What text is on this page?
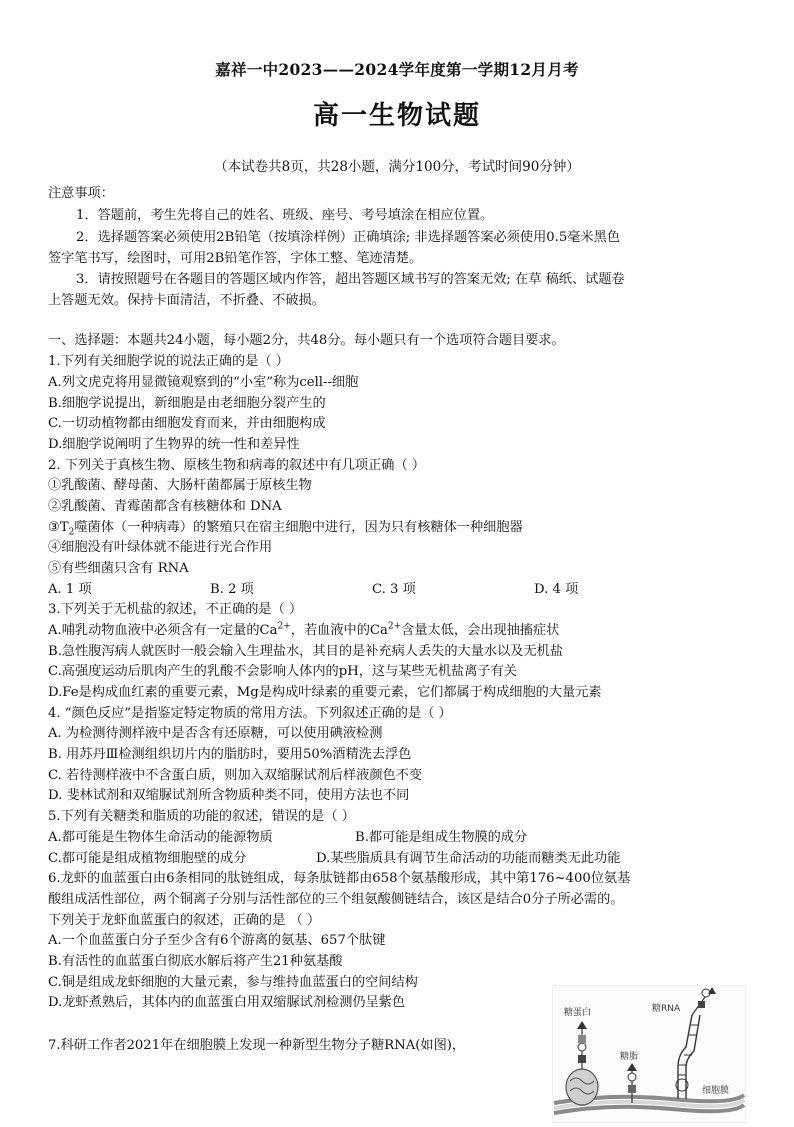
嘉祥一中2023——2024学年度第一学期12月月考
高一生物试题
（本试卷共8页，共28小题，满分100分，考试时间90分钟）
注意事项：
1．答题前，考生先将自己的姓名、班级、座号、考号填涂在相应位置。
2．选择题答案必须使用2B铅笔（按填涂样例）正确填涂; 非选择题答案必须使用0.5毫米黑色
签字笔书写，绘图时，可用2B铅笔作答，字体工整、笔迹清楚。
3．请按照题号在各题目的答题区域内作答，超出答题区域书写的答案无效; 在草 稿纸、试题卷
上答题无效。保持卡面清洁，不折叠、不破损。
一、选择题：本题共24小题，每小题2分，共48分。每小题只有一个选项符合题目要求。
1.下列有关细胞学说的说法正确的是（ ）
A.列文虎克将用显微镜观察到的“小室”称为cell--细胞
B.细胞学说提出，新细胞是由老细胞分裂产生的
C.一切动植物都由细胞发育而来，并由细胞构成
D.细胞学说阐明了生物界的统一性和差异性
2. 下列关于真核生物、原核生物和病毒的叙述中有几项正确（ ）
①乳酸菌、酵母菌、大肠杆菌都属于原核生物
②乳酸菌、青霉菌都含有核糖体和 DNA
$③T_2$噬菌体（一种病毒）的繁殖只在宿主细胞中进行，因为只有核糖体一种细胞器
④细胞没有叶绿体就不能进行光合作用
⑤有些细菌只含有 RNA
A. 1 项	B. 2 项	C. 3 项	D. 4 项
3.下列关于无机盐的叙述，不正确的是（ ）
A.哺乳动物血液中必须含有一定量的$Ca^{2+}$，若血液中的$Ca^{2+}$含量太低，会出现抽搐症状
B.急性腹泻病人就医时一般会输入生理盐水，其目的是补充病人丢失的大量水以及无机盐
C.高强度运动后肌肉产生的乳酸不会影响人体内的pH，这与某些无机盐离子有关
D.Fe是构成血红素的重要元素，Mg是构成叶绿素的重要元素，它们都属于构成细胞的大量元素
4. “颜色反应”是指鉴定特定物质的常用方法。下列叙述正确的是（ ）
A. 为检测待测样液中是否含有还原糖，可以使用碘液检测
B. 用苏丹Ⅲ检测组织切片内的脂肪时，要用50%酒精洗去浮色
C. 若待测样液中不含蛋白质，则加入双缩脲试剂后样液颜色不变
D. 斐林试剂和双缩脲试剂所含物质种类不同，使用方法也不同
5.下列有关糖类和脂质的功能的叙述，错误的是（ ）
A.都可能是生物体生命活动的能源物质	B.都可能是组成生物膜的成分
C.都可能是组成植物细胞壁的成分	D.某些脂质具有调节生命活动的功能而糖类无此功能
6.龙虾的血蓝蛋白由6条相同的肽链组成，每条肽链都由658个氨基酸形成，其中第176~400位氨基
酸组成活性部位，两个铜离子分别与活性部位的三个组氨酸侧链结合，该区是结合0分子所必需的。
下列关于龙虾血蓝蛋白的叙述，正确的是 （ ）
A.一个血蓝蛋白分子至少含有6个游离的氨基、657个肽键
B.有活性的血蓝蛋白彻底水解后将产生21种氨基酸
C.铜是组成龙虾细胞的大量元素，参与维持血蓝蛋白的空间结构
D.龙虾煮熟后，其体内的血蓝蛋白用双缩脲试剂检测仍呈紫色
7.科研工作者2021年在细胞膜上发现一种新型生物分子糖RNA(如图)，
糖蛋白	糖RNA
糖脂
细胞膜
